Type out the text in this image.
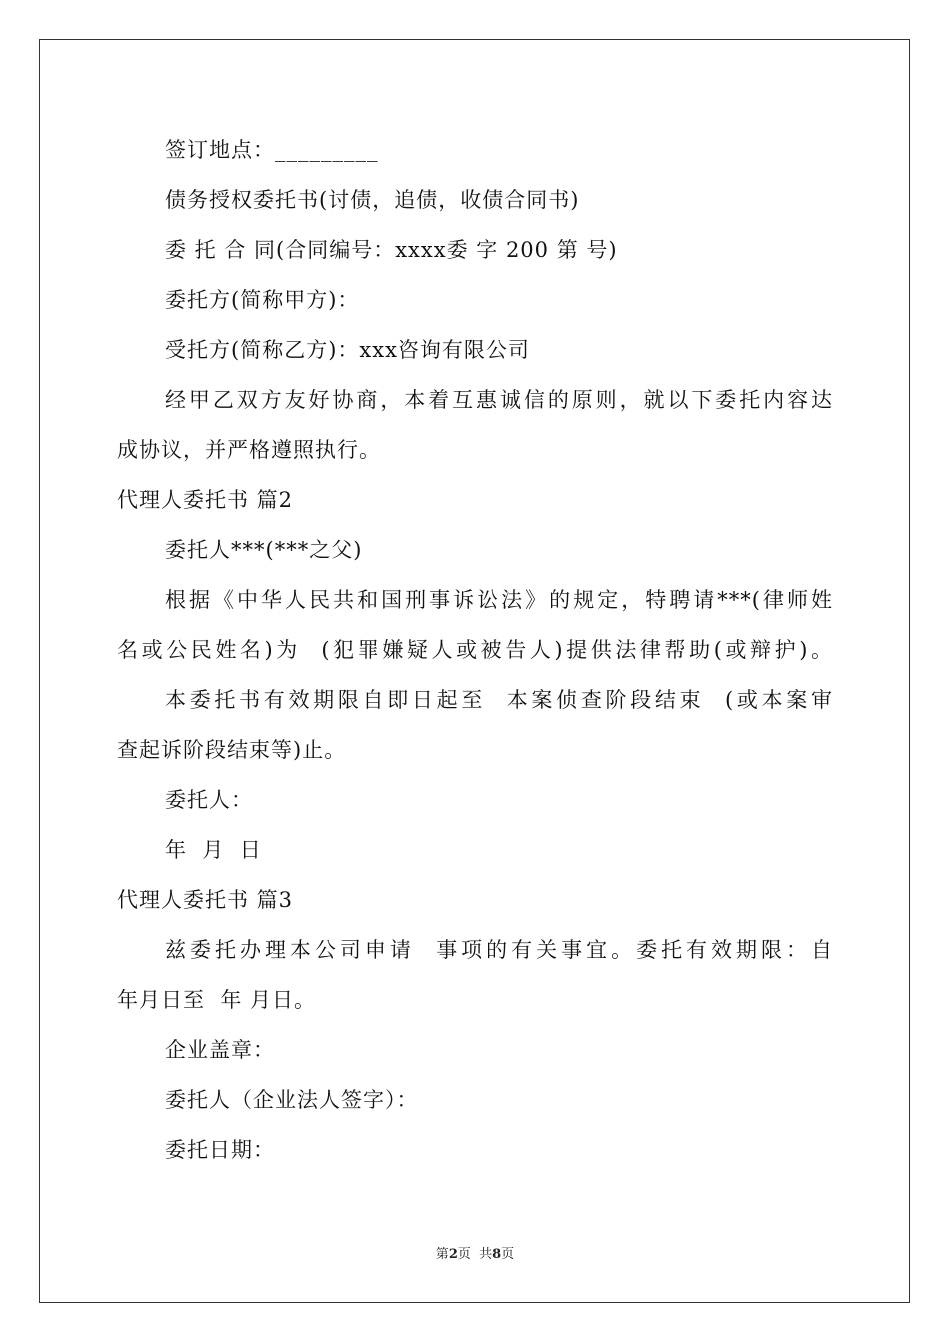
签订地点：_________
债务授权委托书(讨债，追债，收债合同书)
委 托 合 同(合同编号：xxxx委 字 200 第 号)
委托方(简称甲方)：
受托方(简称乙方)：xxx咨询有限公司
经甲乙双方友好协商，本着互惠诚信的原则，就以下委托内容达
成协议，并严格遵照执行。
代理人委托书 篇2
委托人***(***之父)
根据《中华人民共和国刑事诉讼法》的规定，特聘请***(律师姓
名或公民姓名)为  (犯罪嫌疑人或被告人)提供法律帮助(或辩护)。
本委托书有效期限自即日起至  本案侦查阶段结束  (或本案审
查起诉阶段结束等)止。
委托人：
年  月  日
代理人委托书 篇3
兹委托办理本公司申请  事项的有关事宜。委托有效期限：自
年月日至  年 月日。
企业盖章：
委托人（企业法人签字）：
委托日期：
第2页  共8页
